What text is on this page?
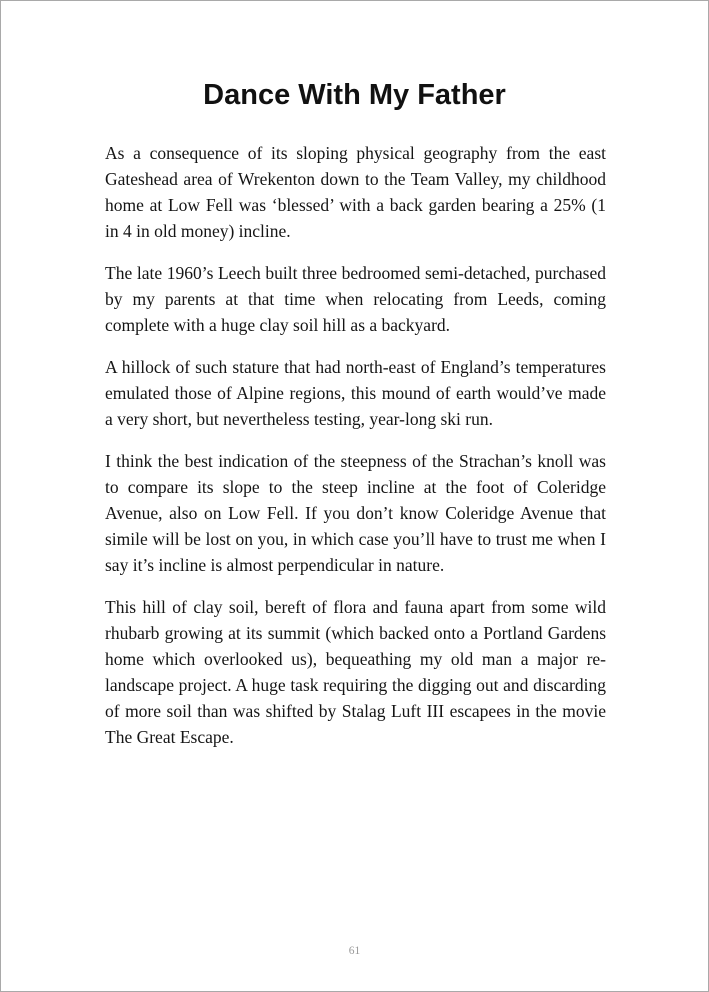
Dance With My Father

As a consequence of its sloping physical geography from the east Gateshead area of Wrekenton down to the Team Valley, my childhood home at Low Fell was ‘blessed’ with a back garden bearing a 25% (1 in 4 in old money) incline.

The late 1960’s Leech built three bedroomed semi-detached, purchased by my parents at that time when relocating from Leeds, coming complete with a huge clay soil hill as a backyard.

A hillock of such stature that had north-east of England’s temperatures emulated those of Alpine regions, this mound of earth would’ve made a very short, but nevertheless testing, year-long ski run.

I think the best indication of the steepness of the Strachan’s knoll was to compare its slope to the steep incline at the foot of Coleridge Avenue, also on Low Fell. If you don’t know Coleridge Avenue that simile will be lost on you, in which case you’ll have to trust me when I say it’s incline is almost perpendicular in nature.

This hill of clay soil, bereft of flora and fauna apart from some wild rhubarb growing at its summit (which backed onto a Portland Gardens home which overlooked us), bequeathing my old man a major re-landscape project. A huge task requiring the digging out and discarding of more soil than was shifted by Stalag Luft III escapees in the movie The Great Escape.

61
